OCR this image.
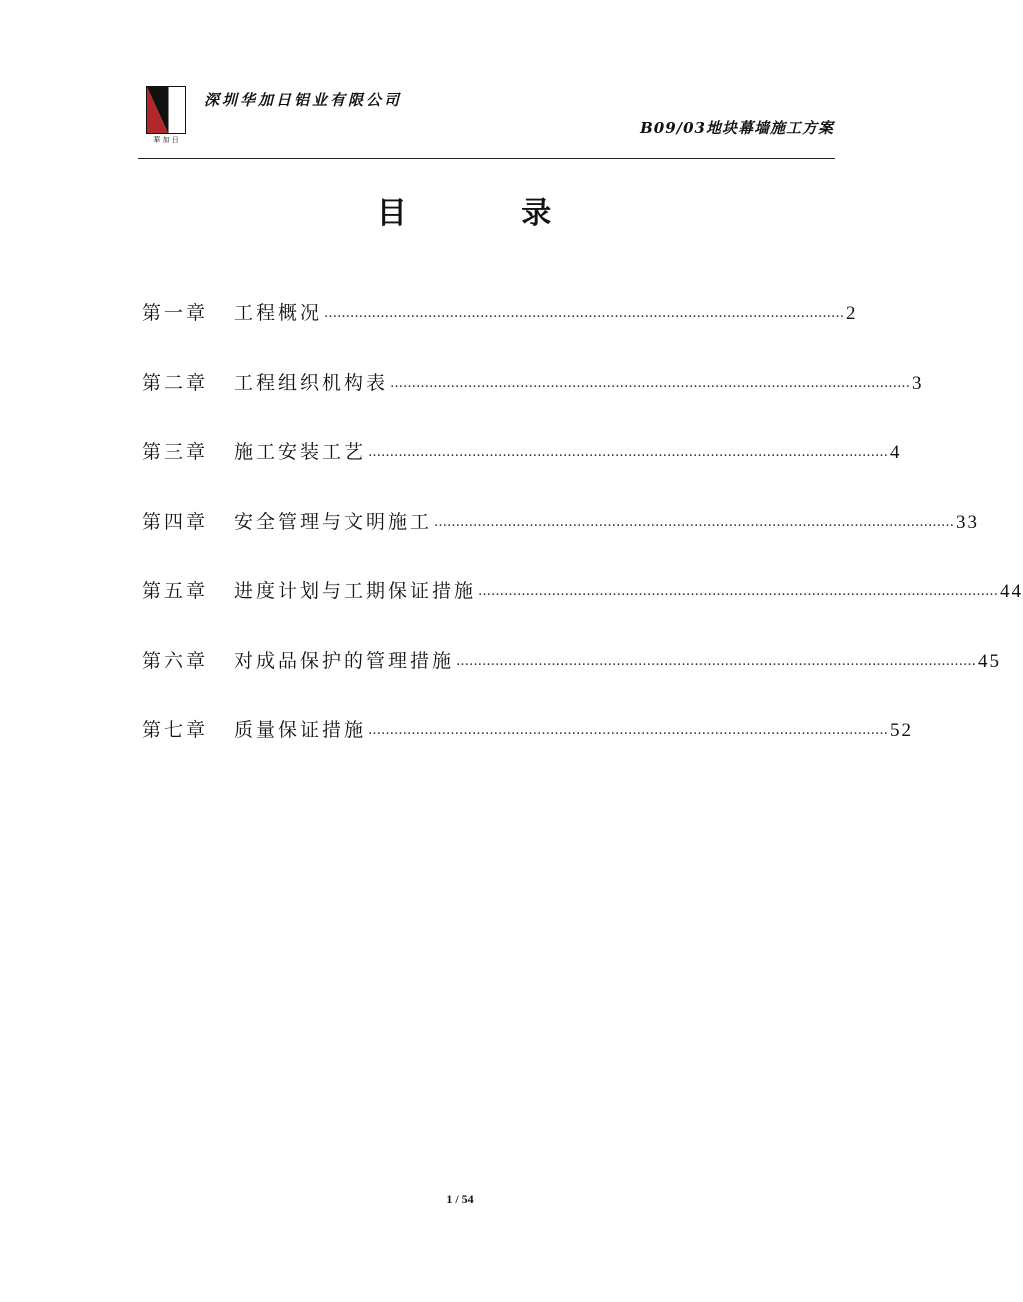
華 加 日
深圳华加日铝业有限公司
B09/03地块幕墙施工方案
目 录
第一章	工程概况 ………………………………………………………………………………………………………… 2
第二章	工程组织机构表 ………………………………………………………………………………………………………… 3
第三章	施工安装工艺 ………………………………………………………………………………………………………… 4
第四章	安全管理与文明施工 ………………………………………………………………………………………………………… 33
第五章	进度计划与工期保证措施 ………………………………………………………………………………………………………… 44
第六章	对成品保护的管理措施 ………………………………………………………………………………………………………… 45
第七章	质量保证措施 ………………………………………………………………………………………………………… 52
1 / 54
